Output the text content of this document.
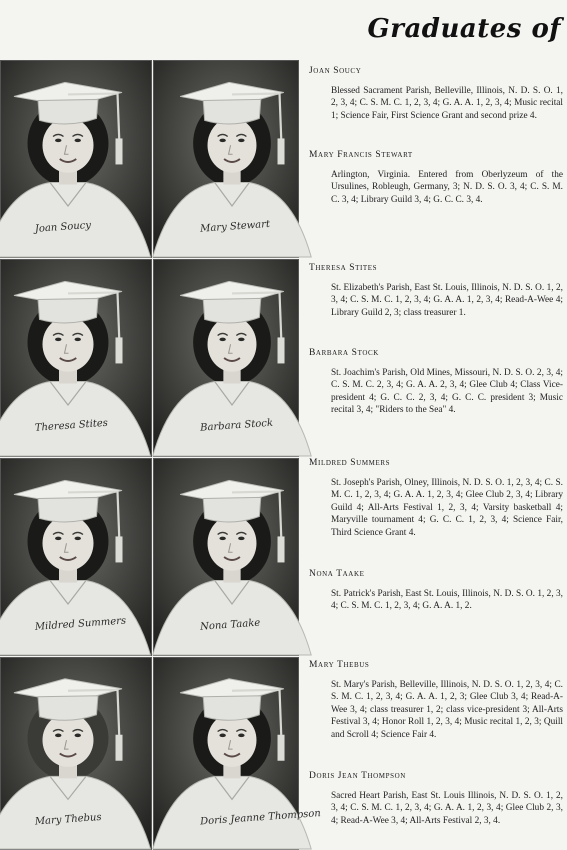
Graduates of
Joan Soucy	Mary Stewart
Theresa Stites	Barbara Stock
Mildred Summers	Nona Taake
Mary Thebus	Doris Jeanne Thompson

Joan Soucy

Blessed Sacrament Parish, Belleville, Illinois, N. D. S. O. 1, 2, 3, 4; C. S. M. C. 1, 2, 3, 4; G. A. A. 1, 2, 3, 4; Music recital 1; Science Fair, First Science Grant and second prize 4.

Mary Francis Stewart

Arlington, Virginia. Entered from Oberlyzeum of the Ursulines, Robleugh, Germany, 3; N. D. S. O. 3, 4; C. S. M. C. 3, 4; Library Guild 3, 4; G. C. C. 3, 4.

Theresa Stites

St. Elizabeth's Parish, East St. Louis, Illinois, N. D. S. O. 1, 2, 3, 4; C. S. M. C. 1, 2, 3, 4; G. A. A. 1, 2, 3, 4; Read-A-Wee 4; Library Guild 2, 3; class treasurer 1.

Barbara Stock

St. Joachim's Parish, Old Mines, Missouri, N. D. S. O. 2, 3, 4; C. S. M. C. 2, 3, 4; G. A. A. 2, 3, 4; Glee Club 4; Class Vice-president 4; G. C. C. 2, 3, 4; G. C. C. president 3; Music recital 3, 4; "Riders to the Sea" 4.

Mildred Summers

St. Joseph's Parish, Olney, Illinois, N. D. S. O. 1, 2, 3, 4; C. S. M. C. 1, 2, 3, 4; G. A. A. 1, 2, 3, 4; Glee Club 2, 3, 4; Library Guild 4; All-Arts Festival 1, 2, 3, 4; Varsity basketball 4; Maryville tournament 4; G. C. C. 1, 2, 3, 4; Science Fair, Third Science Grant 4.

Nona Taake

St. Patrick's Parish, East St. Louis, Illinois, N. D. S. O. 1, 2, 3, 4; C. S. M. C. 1, 2, 3, 4; G. A. A. 1, 2.

Mary Thebus

St. Mary's Parish, Belleville, Illinois, N. D. S. O. 1, 2, 3, 4; C. S. M. C. 1, 2, 3, 4; G. A. A. 1, 2, 3; Glee Club 3, 4; Read-A-Wee 3, 4; class treasurer 1, 2; class vice-president 3; All-Arts Festival 3, 4; Honor Roll 1, 2, 3, 4; Music recital 1, 2, 3; Quill and Scroll 4; Science Fair 4.

Doris Jean Thompson

Sacred Heart Parish, East St. Louis Illinois, N. D. S. O. 1, 2, 3, 4; C. S. M. C. 1, 2, 3, 4; G. A. A. 1, 2, 3, 4; Glee Club 2, 3, 4; Read-A-Wee 3, 4; All-Arts Festival 2, 3, 4.
